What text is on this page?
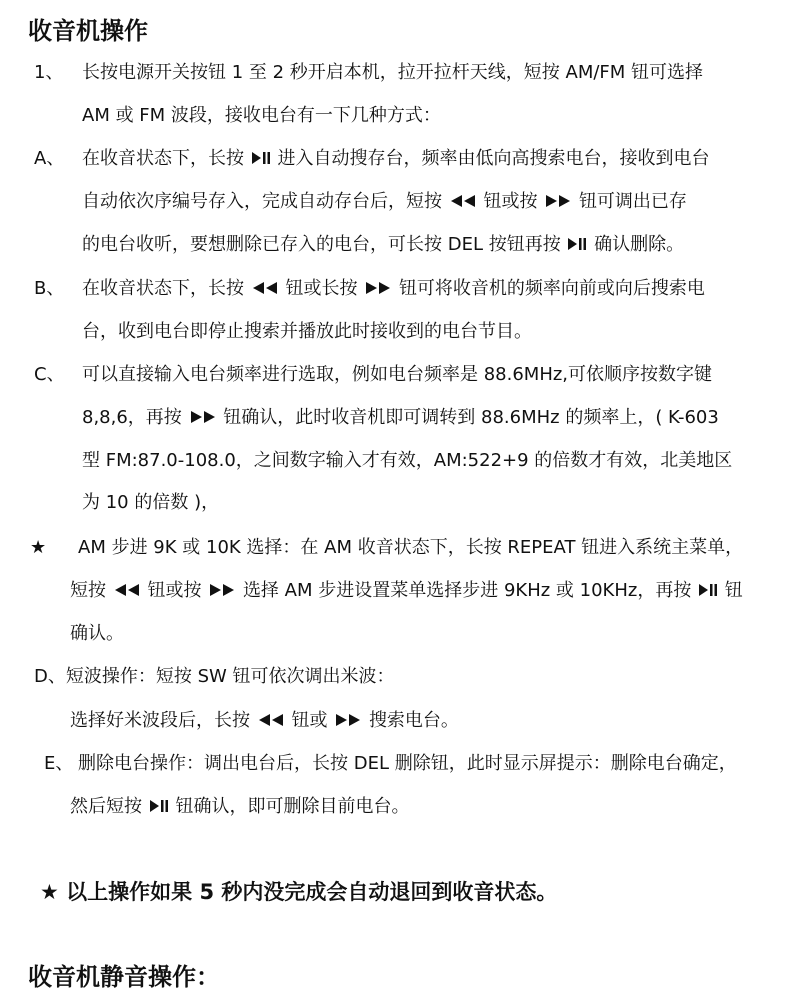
收音机操作
1、 长按电源开关按钮 1 至 2 秒开启本机，拉开拉杆天线，短按 AM/FM 钮可选择
AM 或 FM 波段，接收电台有一下几种方式：
A、 在收音状态下，长按 进入自动搜存台，频率由低向高搜索电台，接收到电台
自动依次序编号存入，完成自动存台后，短按 钮或按 钮可调出已存
的电台收听，要想删除已存入的电台，可长按 DEL 按钮再按 确认删除。
B、 在收音状态下，长按 钮或长按 钮可将收音机的频率向前或向后搜索电
台，收到电台即停止搜索并播放此时接收到的电台节目。
C、 可以直接输入电台频率进行选取，例如电台频率是 88.6MHz,可依顺序按数字键
8,8,6，再按 钮确认，此时收音机即可调转到 88.6MHz 的频率上，( K-603
型 FM:87.0-108.0，之间数字输入才有效，AM:522+9 的倍数才有效，北美地区
为 10 的倍数 )，
★ AM 步进 9K 或 10K 选择：在 AM 收音状态下，长按 REPEAT 钮进入系统主菜单，
短按 钮或按 选择 AM 步进设置菜单选择步进 9KHz 或 10KHz，再按 钮
确认。
D、短波操作：短按 SW 钮可依次调出米波：
选择好米波段后，长按 钮或 搜索电台。
E、 删除电台操作：调出电台后，长按 DEL 删除钮，此时显示屏提示：删除电台确定，
然后短按 钮确认，即可删除目前电台。
★ 以上操作如果 5 秒内没完成会自动退回到收音状态。
收音机静音操作：
